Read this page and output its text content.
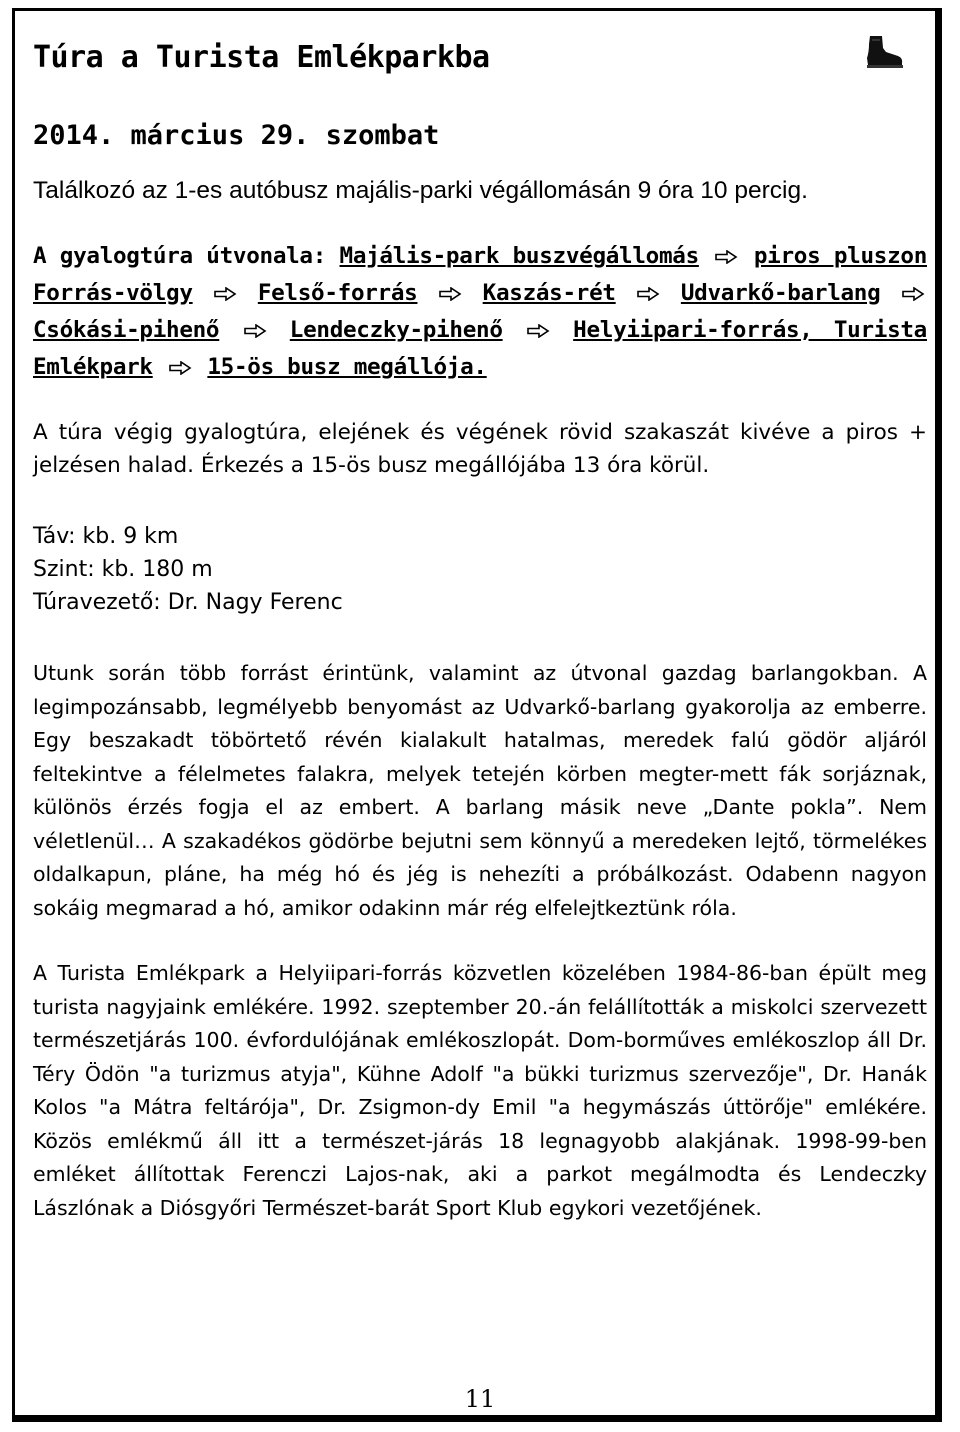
Túra a Turista Emlékparkba
2014. március 29. szombat
Találkozó az 1-es autóbusz majális-parki végállomásán 9 óra 10 percig.
A gyalogtúra útvonala: Majális-park buszvégállomás piros pluszon Forrás-völgy	Felső-forrás	Kaszás-rét	Udvarkő-barlang  Csókási-pihenő	Lendeczky-pihenő	Helyiipari-forrás, Turista Emlékpark 15-ös busz megállója.

A túra végig gyalogtúra, elejének és végének rövid szakaszát kivéve a piros + jelzésen halad. Érkezés a 15-ös busz megállójába 13 óra körül.

Táv: kb. 9 km
Szint: kb. 180 m
Túravezető: Dr. Nagy Ferenc

Utunk során több forrást érintünk, valamint az útvonal gazdag barlangokban. A legimpozánsabb, legmélyebb benyomást az Udvarkő-barlang gyakorolja az emberre. Egy beszakadt töbörtető révén kialakult hatalmas, meredek falú gödör aljáról feltekintve a félelmetes falakra, melyek tetején körben megter-mett fák sorjáznak, különös érzés fogja el az embert. A barlang másik neve „Dante pokla”. Nem véletlenül… A szakadékos gödörbe bejutni sem könnyű a meredeken lejtő, törmelékes oldalkapun, pláne, ha még hó és jég is nehezíti a próbálkozást. Odabenn nagyon sokáig megmarad a hó, amikor odakinn már rég elfelejtkeztünk róla.

A Turista Emlékpark a Helyiipari-forrás közvetlen közelében 1984-86-ban épült meg turista nagyjaink emlékére. 1992. szeptember 20.-án felállították a miskolci szervezett természetjárás 100. évfordulójának emlékoszlopát. Dom-borműves emlékoszlop áll Dr. Téry Ödön "a turizmus atyja", Kühne Adolf "a bükki turizmus szervezője", Dr. Hanák Kolos "a Mátra feltárója", Dr. Zsigmon-dy Emil "a hegymászás úttörője" emlékére. Közös emlékmű áll itt a természet-járás 18 legnagyobb alakjának. 1998-99-ben emléket állítottak Ferenczi Lajos-nak, aki a parkot megálmodta és Lendeczky Lászlónak a Diósgyőri Természet-barát Sport Klub egykori vezetőjének.

11
